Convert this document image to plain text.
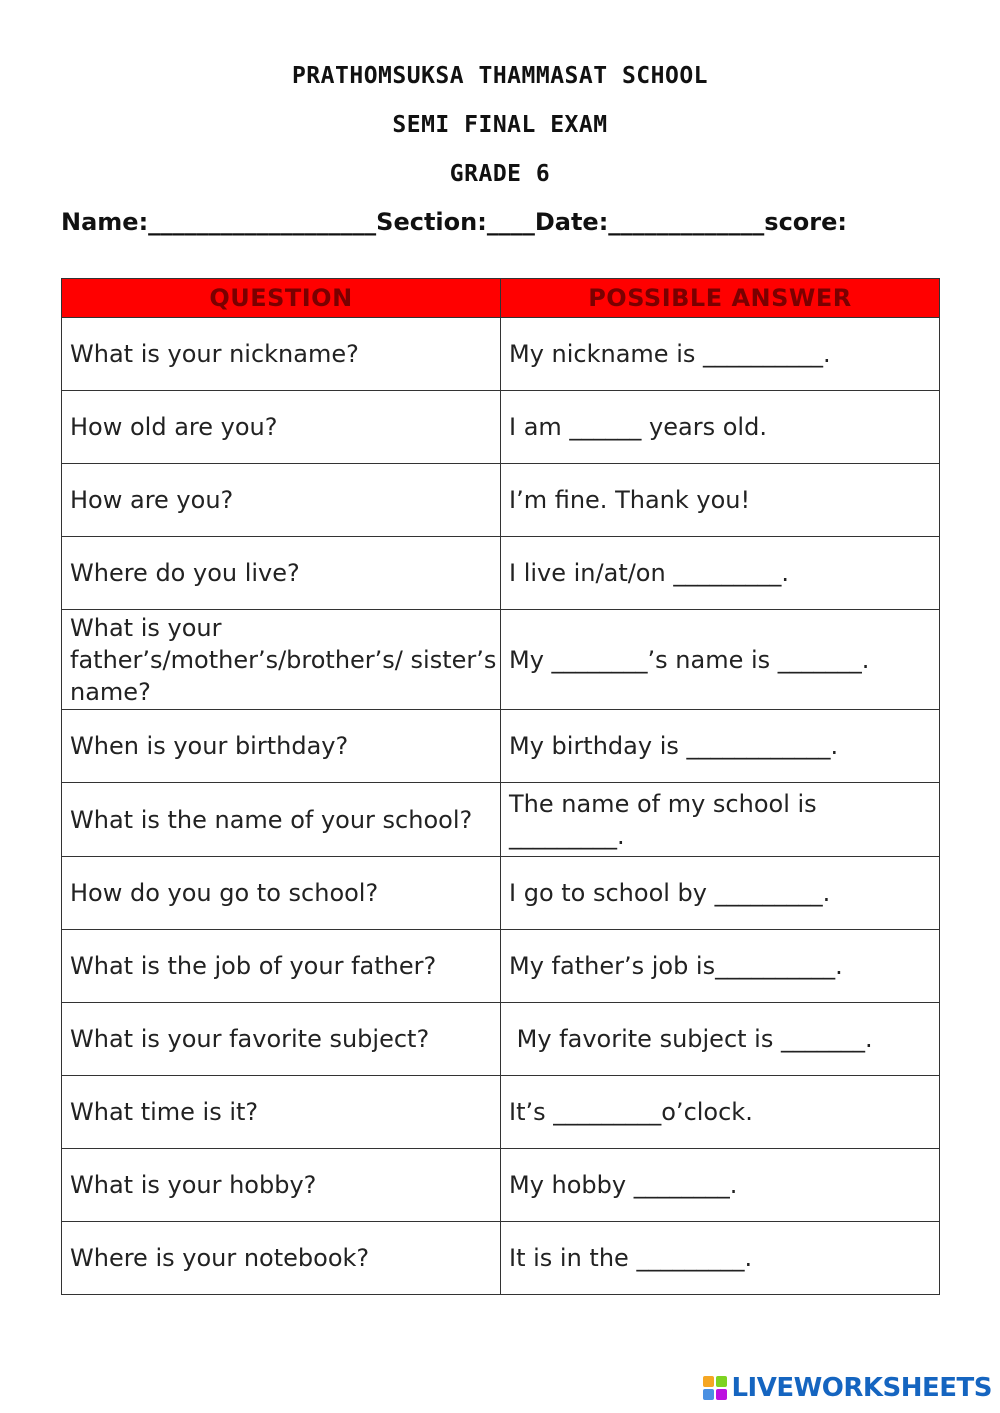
PRATHOMSUKSA THAMMASAT SCHOOL
SEMI FINAL EXAM
GRADE 6
Name:___________________Section:____Date:_____________score:
QUESTION	POSSIBLE ANSWER
What is your nickname?	My nickname is __________.
How old are you?	I am ______ years old.
How are you?	I’m fine. Thank you!
Where do you live?	I live in/at/on _________.
What is your father’s/mother’s/brother’s/ sister’s name?	My ________’s name is _______.
When is your birthday?	My birthday is ____________.
What is the name of your school?	The name of my school is _________.
How do you go to school?	I go to school by _________.
What is the job of your father?	My father’s job is__________.
What is your favorite subject?	My favorite subject is _______.
What time is it?	It’s _________o’clock.
What is your hobby?	My hobby ________.
Where is your notebook?	It is in the _________.
LIVEWORKSHEETS
